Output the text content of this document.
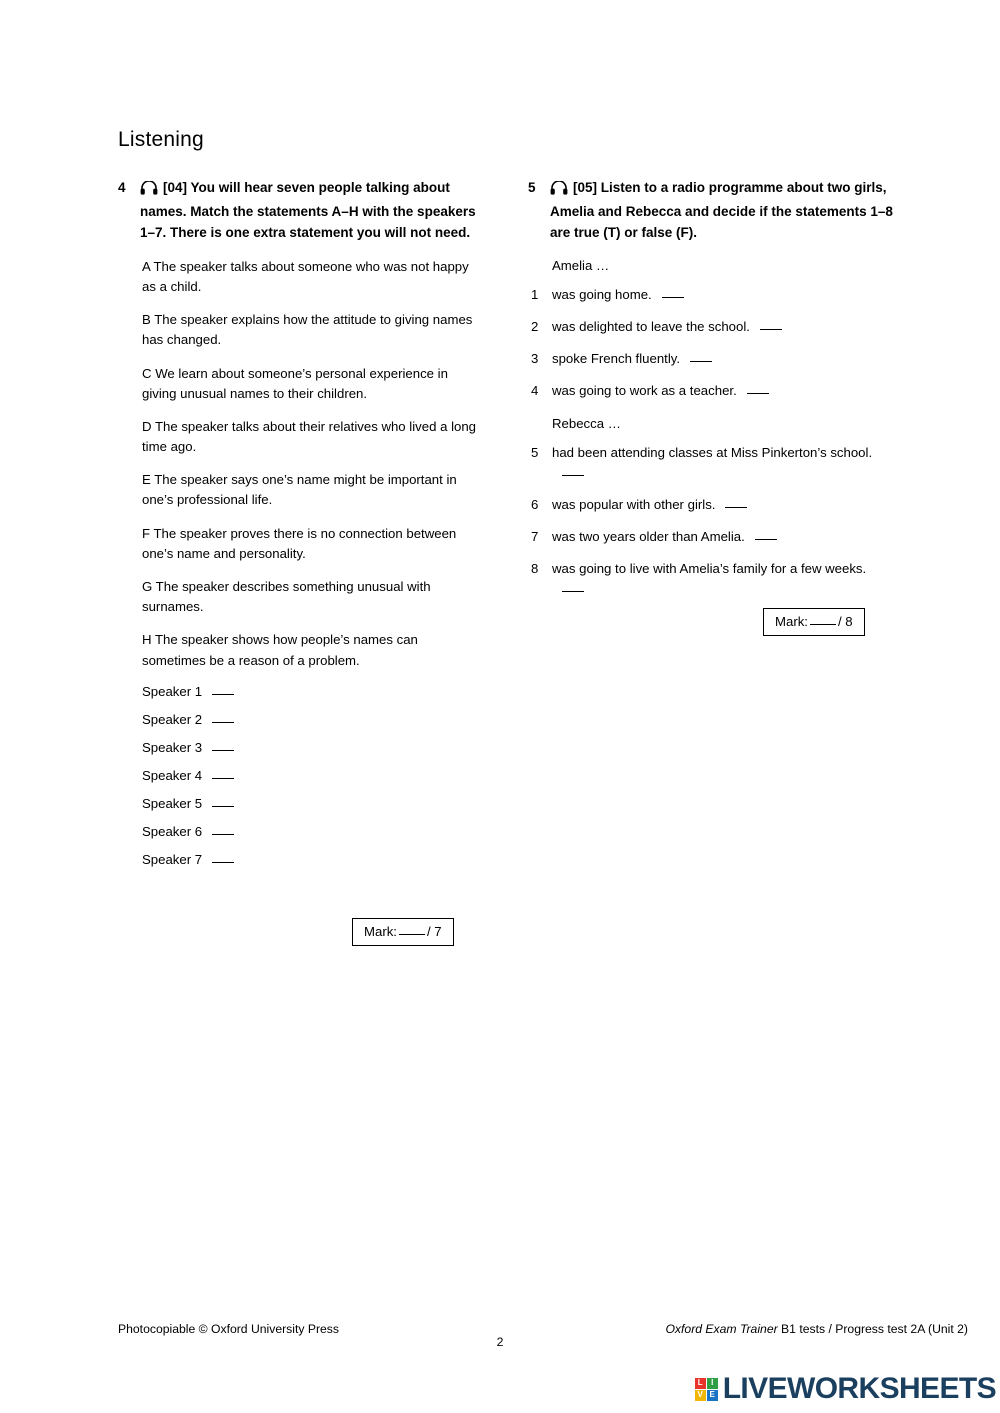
Listening
4	[04] You will hear seven people talking about names. Match the statements A–H with the speakers 1–7. There is one extra statement you will not need.
A The speaker talks about someone who was not happy as a child.
B The speaker explains how the attitude to giving names has changed.
C We learn about someone’s personal experience in giving unusual names to their children.
D The speaker talks about their relatives who lived a long time ago.
E The speaker says one’s name might be important in one’s professional life.
F The speaker proves there is no connection between one’s name and personality.
G The speaker describes something unusual with surnames.
H The speaker shows how people’s names can sometimes be a reason of a problem.
Speaker 1
Speaker 2
Speaker 3
Speaker 4
Speaker 5
Speaker 6
Speaker 7
Mark: / 7
5	[05] Listen to a radio programme about two girls, Amelia and Rebecca and decide if the statements 1–8 are true (T) or false (F).
Amelia …
1	was going home.
2	was delighted to leave the school.
3	spoke French fluently.
4	was going to work as a teacher.
Rebecca …
5	had been attending classes at Miss Pinkerton’s school.
6	was popular with other girls.
7	was two years older than Amelia.
8	was going to live with Amelia’s family for a few weeks.
Mark: / 8
Photocopiable © Oxford University Press	Oxford Exam Trainer B1 tests / Progress test 2A (Unit 2)
2
L	I
V E LIVEWORKSHEETS
